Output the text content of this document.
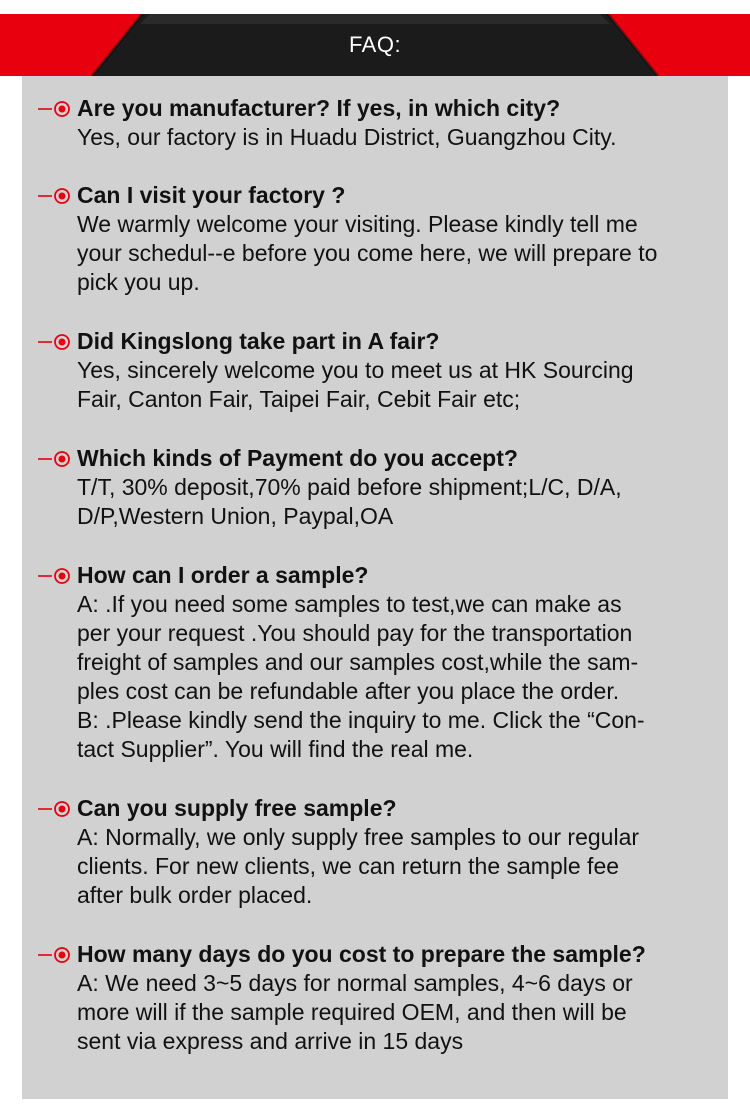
FAQ:
Are you manufacturer? If yes, in which city?
Yes, our factory is in Huadu District, Guangzhou City.
Can I visit your factory ?
We warmly welcome your visiting. Please kindly tell me
your schedul--e before you come here, we will prepare to
pick you up.
Did Kingslong take part in A fair?
Yes, sincerely welcome you to meet us at HK Sourcing
Fair, Canton Fair, Taipei Fair, Cebit Fair etc;
Which kinds of Payment do you accept?
T/T, 30% deposit,70% paid before shipment;L/C, D/A,
D/P,Western Union, Paypal,OA
How can I order a sample?
A: .If you need some samples to test,we can make as
per your request .You should pay for the transportation
freight of samples and our samples cost,while the sam-
ples cost can be refundable after you place the order.
B: .Please kindly send the inquiry to me. Click the “Con-
tact Supplier”. You will find the real me.
Can you supply free sample?
A: Normally, we only supply free samples to our regular
clients. For new clients, we can return the sample fee
after bulk order placed.
How many days do you cost to prepare the sample?
A: We need 3~5 days for normal samples, 4~6 days or
more will if the sample required OEM, and then will be
sent via express and arrive in 15 days
